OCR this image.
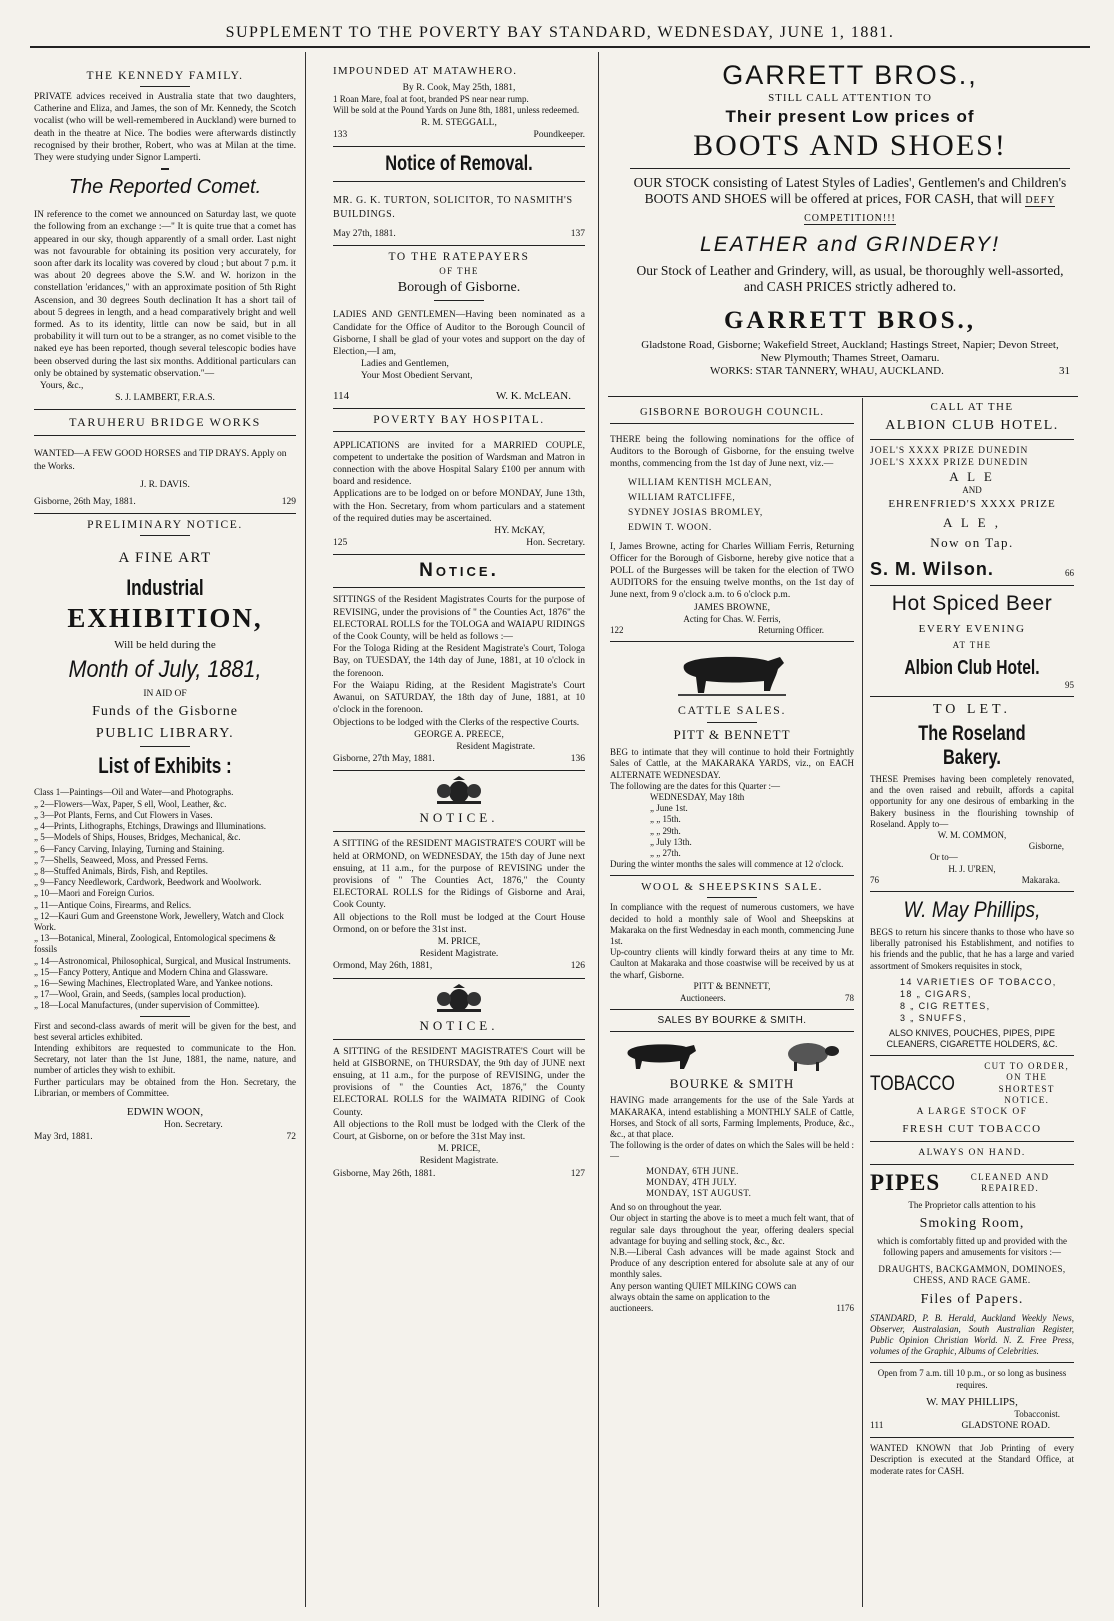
SUPPLEMENT TO THE POVERTY BAY STANDARD, WEDNESDAY, JUNE 1, 1881.
THE KENNEDY FAMILY.

PRIVATE advices received in Australia state that two daughters, Catherine and Eliza, and James, the son of Mr. Kennedy, the Scotch vocalist (who will be well-remembered in Auckland) were burned to death in the theatre at Nice. The bodies were afterwards distinctly recognised by their brother, Robert, who was at Milan at the time. They were studying under Signor Lamperti.

The Reported Comet.

IN reference to the comet we announced on Saturday last, we quote the following from an exchange :—" It is quite true that a comet has appeared in our sky, though apparently of a small order. Last night was not favourable for obtaining its position very accurately, for soon after dark its locality was covered by cloud ; but about 7 p.m. it was about 20 degrees above the S.W. and W. horizon in the constellation 'eridances," with an approximate position of 5th Right Ascension, and 30 degrees South declination It has a short tail of about 5 degrees in length, and a head comparatively bright and well formed. As to its identity, little can now be said, but in all probability it will turn out to be a stranger, as no comet visible to the naked eye has been reported, though several telescopic bodies have been observed during the last six months. Additional particulars can only be obtained by systematic observation."—

Yours, &c.,

S. J. LAMBERT, F.R.A.S.

TARUHERU BRIDGE WORKS

WANTED—A FEW GOOD HORSES and TIP DRAYS. Apply on the Works.

J. R. DAVIS.

Gisborne, 26th May, 1881.	129
PRELIMINARY NOTICE.
A FINE ART
Industrial
EXHIBITION,
Will be held during the
Month of July, 1881,
IN AID OF
Funds of the Gisborne
PUBLIC LIBRARY.
List of Exhibits :

Class 1—Paintings—Oil and Water—and Photographs.

„ 2—Flowers—Wax, Paper, S ell, Wool, Leather, &c.

„ 3—Pot Plants, Ferns, and Cut Flowers in Vases.

„ 4—Prints, Lithographs, Etchings, Drawings and Illuminations.

„ 5—Models of Ships, Houses, Bridges, Mechanical, &c.

„ 6—Fancy Carving, Inlaying, Turning and Staining.

„ 7—Shells, Seaweed, Moss, and Pressed Ferns.

„ 8—Stuffed Animals, Birds, Fish, and Reptiles.

„ 9—Fancy Needlework, Cardwork, Beedwork and Woolwork.

„ 10—Maori and Foreign Curios.

„ 11—Antique Coins, Firearms, and Relics.

„ 12—Kauri Gum and Greenstone Work, Jewellery, Watch and Clock Work.

„ 13—Botanical, Mineral, Zoological, Entomological specimens & fossils

„ 14—Astronomical, Philosophical, Surgical, and Musical Instruments.

„ 15—Fancy Pottery, Antique and Modern China and Glassware.

„ 16—Sewing Machines, Electroplated Ware, and Yankee notions.

„ 17—Wool, Grain, and Seeds, (samples local production).

„ 18—Local Manufactures, (under supervision of Committee).

First and second-class awards of merit will be given for the best, and best several articles exhibited.

Intending exhibitors are requested to communicate to the Hon. Secretary, not later than the 1st June, 1881, the name, nature, and number of articles they wish to exhibit.

Further particulars may be obtained from the Hon. Secretary, the Librarian, or members of Committee.

EDWIN WOON,

Hon. Secretary.

May 3rd, 1881.	72
IMPOUNDED AT MATAWHERO.

By R. Cook, May 25th, 1881,

1 Roan Mare, foal at foot, branded PS near near rump.

Will be sold at the Pound Yards on June 8th, 1881, unless redeemed.

R. M. STEGGALL,

133	Poundkeeper.
Notice of Removal.

MR. G. K. TURTON, SOLICITOR, TO NASMITH'S BUILDINGS.

May 27th, 1881.	137
TO THE RATEPAYERS
OF THE
Borough of Gisborne.

LADIES AND GENTLEMEN—Having been nominated as a Candidate for the Office of Auditor to the Borough Council of Gisborne, I shall be glad of your votes and support on the day of Election,—I am,

Ladies and Gentlemen,

Your Most Obedient Servant,

114	W. K. McLEAN.
POVERTY BAY HOSPITAL.

APPLICATIONS are invited for a MARRIED COUPLE, competent to undertake the position of Wardsman and Matron in connection with the above Hospital Salary £100 per annum with board and residence.

Applications are to be lodged on or before MONDAY, June 13th, with the Hon. Secretary, from whom particulars and a statement of the required duties may be ascertained.

HY. McKAY,

125	Hon. Secretary.
Notice.

SITTINGS of the Resident Magistrates Courts for the purpose of REVISING, under the provisions of " the Counties Act, 1876" the ELECTORAL ROLLS for the TOLOGA and WAIAPU RIDINGS of the Cook County, will be held as follows :—

For the Tologa Riding at the Resident Magistrate's Court, Tologa Bay, on TUESDAY, the 14th day of June, 1881, at 10 o'clock in the forenoon.

For the Waiapu Riding, at the Resident Magistrate's Court Awanui, on SATURDAY, the 18th day of June, 1881, at 10 o'clock in the forenoon.

Objections to be lodged with the Clerks of the respective Courts.

GEORGE A. PREECE,

Resident Magistrate.

Gisborne, 27th May, 1881.	136
NOTICE.

A SITTING of the RESIDENT MAGISTRATE'S COURT will be held at ORMOND, on WEDNESDAY, the 15th day of June next ensuing, at 11 a.m., for the purpose of REVISING under the provisions of " The Counties Act, 1876," the County ELECTORAL ROLLS for the Ridings of Gisborne and Arai, Cook County.

All objections to the Roll must be lodged at the Court House Ormond, on or before the 31st inst.

M. PRICE,

Resident Magistrate.

Ormond, May 26th, 1881,	126
NOTICE.

A SITTING of the RESIDENT MAGISTRATE'S Court will be held at GISBORNE, on THURSDAY, the 9th day of JUNE next ensuing, at 11 a.m., for the purpose of REVISING, under the provisions of " the Counties Act, 1876," the County ELECTORAL ROLLS for the WAIMATA RIDING of Cook County.

All objections to the Roll must be lodged with the Clerk of the Court, at Gisborne, on or before the 31st May inst.

M. PRICE,

Resident Magistrate.

Gisborne, May 26th, 1881.	127
GARRETT BROS.,
STILL CALL ATTENTION TO
Their present Low prices of
BOOTS AND SHOES!

OUR STOCK consisting of Latest Styles of Ladies', Gentlemen's and Children's BOOTS AND SHOES will be offered at prices, FOR CASH, that will DEFY COMPETITION!!!

LEATHER and GRINDERY!

Our Stock of Leather and Grindery, will, as usual, be thoroughly well-assorted, and CASH PRICES strictly adhered to.

GARRETT BROS.,

Gladstone Road, Gisborne; Wakefield Street, Auckland; Hastings Street, Napier; Devon Street, New Plymouth; Thames Street, Oamaru.

WORKS: STAR TANNERY, WHAU, AUCKLAND.	31
GISBORNE BOROUGH COUNCIL.

THERE being the following nominations for the office of Auditors to the Borough of Gisborne, for the ensuing twelve months, commencing from the 1st day of June next, viz.—

WILLIAM KENTISH MCLEAN,

WILLIAM RATCLIFFE,

SYDNEY JOSIAS BROMLEY,

EDWIN T. WOON.

I, James Browne, acting for Charles William Ferris, Returning Officer for the Borough of Gisborne, hereby give notice that a POLL of the Burgesses will be taken for the election of TWO AUDITORS for the ensuing twelve months, on the 1st day of June next, from 9 o'clock a.m. to 6 o'clock p.m.

JAMES BROWNE,

Acting for Chas. W. Ferris,

122	Returning Officer.
CATTLE SALES.
PITT & BENNETT

BEG to intimate that they will continue to hold their Fortnightly Sales of Cattle, at the MAKARAKA YARDS, viz., on EACH ALTERNATE WEDNESDAY.

The following are the dates for this Quarter :—

WEDNESDAY, May 18th

„ June 1st.

„ „ 15th.

„ „ 29th.

„ July 13th.

„ „ 27th.

During the winter months the sales will commence at 12 o'clock.

WOOL & SHEEPSKINS SALE.

In compliance with the request of numerous customers, we have decided to hold a monthly sale of Wool and Sheepskins at Makaraka on the first Wednesday in each month, commencing June 1st.

Up-country clients will kindly forward theirs at any time to Mr. Caulton at Makaraka and those coastwise will be received by us at the wharf, Gisborne.

PITT & BENNETT,

Auctioneers.	78
SALES BY BOURKE & SMITH.
BOURKE & SMITH

HAVING made arrangements for the use of the Sale Yards at MAKARAKA, intend establishing a MONTHLY SALE of Cattle, Horses, and Stock of all sorts, Farming Implements, Produce, &c., &c., at that place.

The following is the order of dates on which the Sales will be held :—

MONDAY, 6TH JUNE.

MONDAY, 4TH JULY.

MONDAY, 1ST AUGUST.

And so on throughout the year.

Our object in starting the above is to meet a much felt want, that of regular sale days throughout the year, offering dealers special advantage for buying and selling stock, &c., &c.

N.B.—Liberal Cash advances will be made against Stock and Produce of any description entered for absolute sale at any of our monthly sales.

Any person wanting QUIET MILKING COWS can always obtain the same on application to the auctioneers.	1176
CALL AT THE
ALBION CLUB HOTEL.

JOEL'S XXXX PRIZE DUNEDIN

JOEL'S XXXX PRIZE DUNEDIN

A L E
AND
EHRENFRIED'S XXXX PRIZE
A L E ,
Now on Tap.
S. M. Wilson.	66
Hot Spiced Beer
EVERY EVENING
AT THE
Albion Club Hotel.
95
TO LET.
The Roseland Bakery.

THESE Premises having been completely renovated, and the oven raised and rebuilt, affords a capital opportunity for any one desirous of embarking in the Bakery business in the flourishing township of Roseland. Apply to—

W. M. COMMON,

Gisborne,

Or to—

H. J. U'REN,

76	Makaraka.
W. May Phillips,

BEGS to return his sincere thanks to those who have so liberally patronised his Establishment, and notifies to his friends and the public, that he has a large and varied assortment of Smokers requisites in stock,

14 VARIETIES OF TOBACCO,

18 „ CIGARS,

8 „ CIG RETTES,

3 „ SNUFFS,

ALSO KNIVES, POUCHES, PIPES, PIPE CLEANERS, CIGARETTE HOLDERS, &C.

TOBACCO
CUT TO ORDER, ON THE SHORTEST NOTICE.

A LARGE STOCK OF

FRESH CUT TOBACCO

ALWAYS ON HAND.

PIPES	CLEANED AND REPAIRED.

The Proprietor calls attention to his

Smoking Room,

which is comfortably fitted up and provided with the following papers and amusements for visitors :—

DRAUGHTS, BACKGAMMON, DOMINOES, CHESS, AND RACE GAME.

Files of Papers.

STANDARD, P. B. Herald, Auckland Weekly News, Observer, Australasian, South Australian Register, Public Opinion Christian World. N. Z. Free Press, volumes of the Graphic, Albums of Celebrities.

Open from 7 a.m. till 10 p.m., or so long as business requires.

W. MAY PHILLIPS,

Tobacconist.

111	GLADSTONE ROAD.

WANTED KNOWN that Job Printing of every Description is executed at the Standard Office, at moderate rates for CASH.
